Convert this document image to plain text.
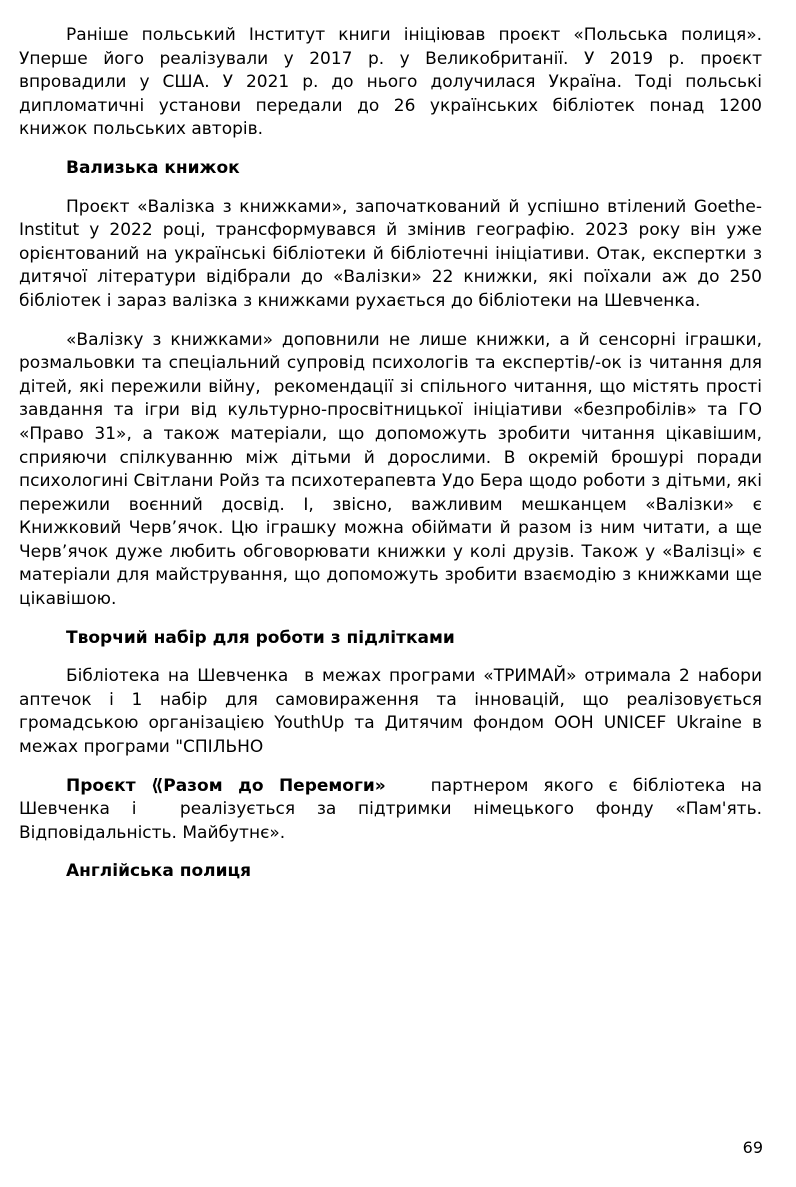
Раніше польський Інститут книги ініціював проєкт «Польська полиця». Уперше його реалізували у 2017 р. у Великобританії. У 2019 р. проєкт впровадили у США. У 2021 р. до нього долучилася Україна. Тоді польські дипломатичні установи передали до 26 українських бібліотек понад 1200 книжок польських авторів.

Вализька книжок

Проєкт «Валізка з книжками», започаткований й успішно втілений Goethe-Institut у 2022 році, трансформувався й змінив географію. 2023 року він уже орієнтований на українські бібліотеки й бібліотечні ініціативи. Отак, експертки з дитячої літератури відібрали до «Валізки» 22 книжки, які поїхали аж до 250 бібліотек і зараз валізка з книжками рухається до бібліотеки на Шевченка.

«Валізку з книжками» доповнили не лише книжки, а й сенсорні іграшки, розмальовки та спеціальний супровід психологів та експертів/-ок із читання для дітей, які пережили війну,  рекомендації зі спільного читання, що містять прості завдання та ігри від культурно-просвітницької ініціативи «безпробілів» та ГО «Право 31», а також матеріали, що допоможуть зробити читання цікавішим, сприяючи спілкуванню між дітьми й дорослими. В окремій брошурі поради психологині Світлани Ройз та психотерапевта Удо Бера щодо роботи з дітьми, які пережили воєнний досвід. І, звісно, важливим мешканцем «Валізки» є Книжковий Черв’ячок. Цю іграшку можна обіймати й разом із ним читати, а ще Черв’ячок дуже любить обговорювати книжки у колі друзів. Також у «Валізці» є матеріали для майстрування, що допоможуть зробити взаємодію з книжками ще цікавішою.

Творчий набір для роботи з підлітками

Бібліотека на Шевченка  в межах програми «ТРИМАЙ» отримала 2 набори аптечок і 1 набір для самовираження та інновацій, що реалізовується громадською організацією YouthUp та Дитячим фондом ООН UNICEF Ukraine в межах програми "СПІЛЬНО

Проєкт ⟪Разом до Перемоги»   партнером якого є бібліотека на Шевченка і  реалізується за підтримки німецького фонду «Пам'ять. Відповідальність. Майбутнє».

Англійська полиця

69
